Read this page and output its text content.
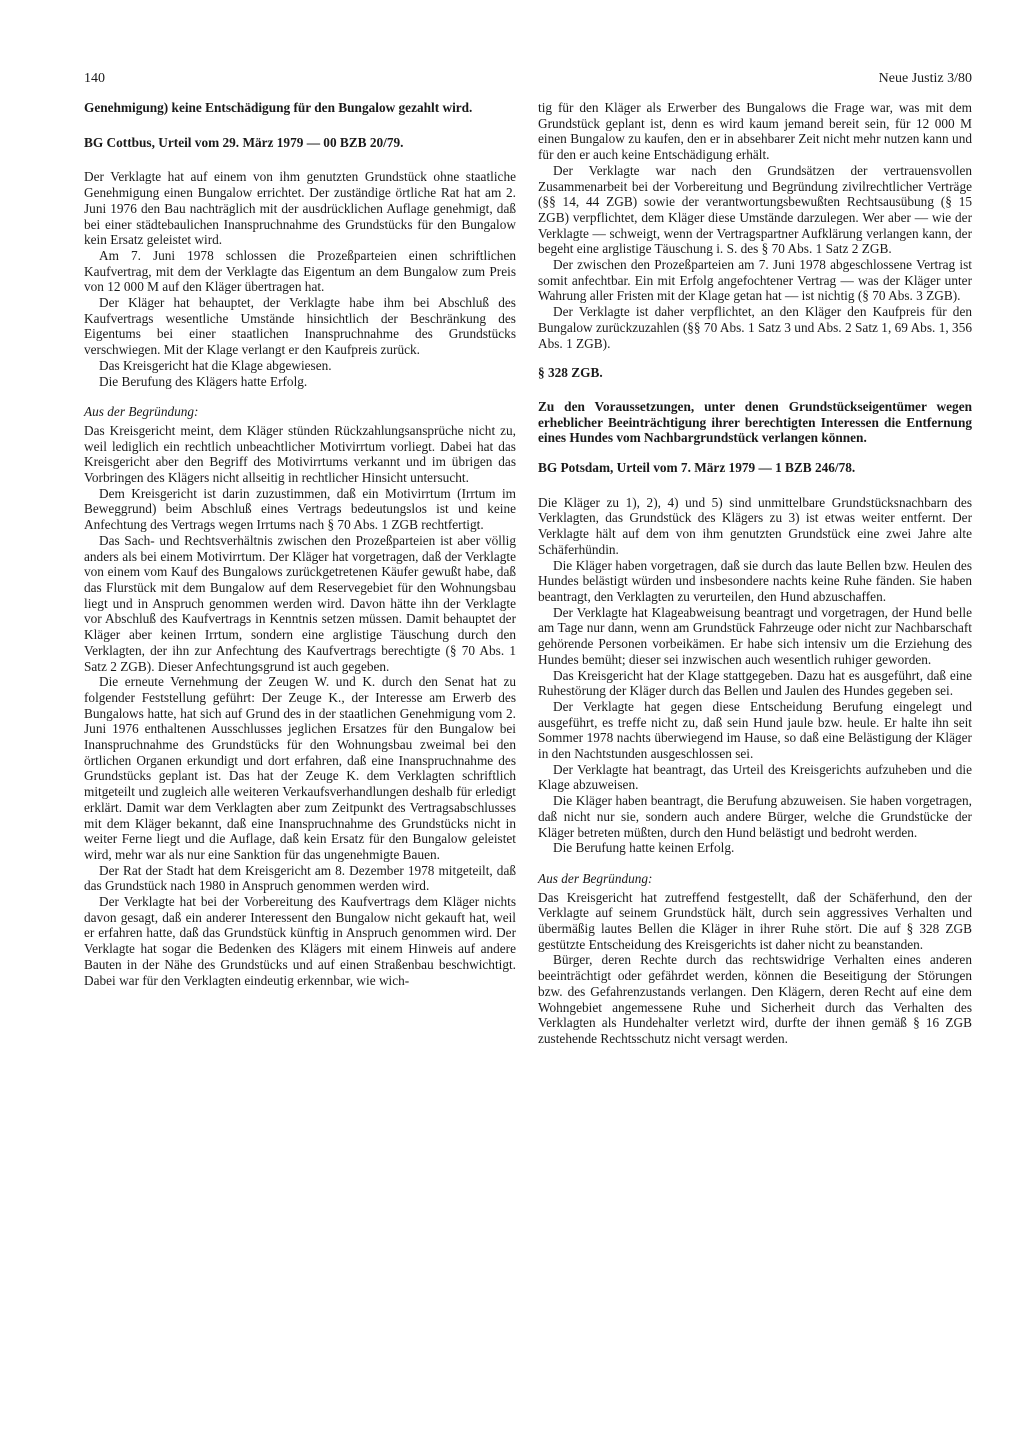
140	Neue Justiz 3/80

Genehmigung) keine Entschädigung für den Bungalow gezahlt wird.

BG Cottbus, Urteil vom 29. März 1979 — 00 BZB 20/79.

Der Verklagte hat auf einem von ihm genutzten Grundstück ohne staatliche Genehmigung einen Bungalow errichtet. Der zuständige örtliche Rat hat am 2. Juni 1976 den Bau nachträglich mit der ausdrücklichen Auflage genehmigt, daß bei einer städtebaulichen Inanspruchnahme des Grundstücks für den Bungalow kein Ersatz geleistet wird.

Am 7. Juni 1978 schlossen die Prozeßparteien einen schriftlichen Kaufvertrag, mit dem der Verklagte das Eigentum an dem Bungalow zum Preis von 12 000 M auf den Kläger übertragen hat.

Der Kläger hat behauptet, der Verklagte habe ihm bei Abschluß des Kaufvertrags wesentliche Umstände hinsichtlich der Beschränkung des Eigentums bei einer staatlichen Inanspruchnahme des Grundstücks verschwiegen. Mit der Klage verlangt er den Kaufpreis zurück.

Das Kreisgericht hat die Klage abgewiesen.

Die Berufung des Klägers hatte Erfolg.

Aus der Begründung:

Das Kreisgericht meint, dem Kläger stünden Rückzahlungsansprüche nicht zu, weil lediglich ein rechtlich unbeachtlicher Motivirrtum vorliegt. Dabei hat das Kreisgericht aber den Begriff des Motivirrtums verkannt und im übrigen das Vorbringen des Klägers nicht allseitig in rechtlicher Hinsicht untersucht.

Dem Kreisgericht ist darin zuzustimmen, daß ein Motivirrtum (Irrtum im Beweggrund) beim Abschluß eines Vertrags bedeutungslos ist und keine Anfechtung des Vertrags wegen Irrtums nach § 70 Abs. 1 ZGB rechtfertigt.

Das Sach- und Rechtsverhältnis zwischen den Prozeßparteien ist aber völlig anders als bei einem Motivirrtum. Der Kläger hat vorgetragen, daß der Verklagte von einem vom Kauf des Bungalows zurückgetretenen Käufer gewußt habe, daß das Flurstück mit dem Bungalow auf dem Reservegebiet für den Wohnungsbau liegt und in Anspruch genommen werden wird. Davon hätte ihn der Verklagte vor Abschluß des Kaufvertrags in Kenntnis setzen müssen. Damit behauptet der Kläger aber keinen Irrtum, sondern eine arglistige Täuschung durch den Verklagten, der ihn zur Anfechtung des Kaufvertrags berechtigte (§ 70 Abs. 1 Satz 2 ZGB). Dieser Anfechtungsgrund ist auch gegeben.

Die erneute Vernehmung der Zeugen W. und K. durch den Senat hat zu folgender Feststellung geführt: Der Zeuge K., der Interesse am Erwerb des Bungalows hatte, hat sich auf Grund des in der staatlichen Genehmigung vom 2. Juni 1976 enthaltenen Ausschlusses jeglichen Ersatzes für den Bungalow bei Inanspruchnahme des Grundstücks für den Wohnungsbau zweimal bei den örtlichen Organen erkundigt und dort erfahren, daß eine Inanspruchnahme des Grundstücks geplant ist. Das hat der Zeuge K. dem Verklagten schriftlich mitgeteilt und zugleich alle weiteren Verkaufsverhandlungen deshalb für erledigt erklärt. Damit war dem Verklagten aber zum Zeitpunkt des Vertragsabschlusses mit dem Kläger bekannt, daß eine Inanspruchnahme des Grundstücks nicht in weiter Ferne liegt und die Auflage, daß kein Ersatz für den Bungalow geleistet wird, mehr war als nur eine Sanktion für das ungenehmigte Bauen.

Der Rat der Stadt hat dem Kreisgericht am 8. Dezember 1978 mitgeteilt, daß das Grundstück nach 1980 in Anspruch genommen werden wird.

Der Verklagte hat bei der Vorbereitung des Kaufvertrags dem Kläger nichts davon gesagt, daß ein anderer Interessent den Bungalow nicht gekauft hat, weil er erfahren hatte, daß das Grundstück künftig in Anspruch genommen wird. Der Verklagte hat sogar die Bedenken des Klägers mit einem Hinweis auf andere Bauten in der Nähe des Grundstücks und auf einen Straßenbau beschwichtigt. Dabei war für den Verklagten eindeutig erkennbar, wie wich-

tig für den Kläger als Erwerber des Bungalows die Frage war, was mit dem Grundstück geplant ist, denn es wird kaum jemand bereit sein, für 12 000 M einen Bungalow zu kaufen, den er in absehbarer Zeit nicht mehr nutzen kann und für den er auch keine Entschädigung erhält.

Der Verklagte war nach den Grundsätzen der vertrauensvollen Zusammenarbeit bei der Vorbereitung und Begründung zivilrechtlicher Verträge (§§ 14, 44 ZGB) sowie der verantwortungsbewußten Rechtsausübung (§ 15 ZGB) verpflichtet, dem Kläger diese Umstände darzulegen. Wer aber — wie der Verklagte — schweigt, wenn der Vertragspartner Aufklärung verlangen kann, der begeht eine arglistige Täuschung i. S. des § 70 Abs. 1 Satz 2 ZGB.

Der zwischen den Prozeßparteien am 7. Juni 1978 abgeschlossene Vertrag ist somit anfechtbar. Ein mit Erfolg angefochtener Vertrag — was der Kläger unter Wahrung aller Fristen mit der Klage getan hat — ist nichtig (§ 70 Abs. 3 ZGB).

Der Verklagte ist daher verpflichtet, an den Kläger den Kaufpreis für den Bungalow zurückzuzahlen (§§ 70 Abs. 1 Satz 3 und Abs. 2 Satz 1, 69 Abs. 1, 356 Abs. 1 ZGB).

§ 328 ZGB.

Zu den Voraussetzungen, unter denen Grundstückseigentümer wegen erheblicher Beeinträchtigung ihrer berechtigten Interessen die Entfernung eines Hundes vom Nachbargrundstück verlangen können.

BG Potsdam, Urteil vom 7. März 1979 — 1 BZB 246/78.

Die Kläger zu 1), 2), 4) und 5) sind unmittelbare Grundstücksnachbarn des Verklagten, das Grundstück des Klägers zu 3) ist etwas weiter entfernt. Der Verklagte hält auf dem von ihm genutzten Grundstück eine zwei Jahre alte Schäferhündin.

Die Kläger haben vorgetragen, daß sie durch das laute Bellen bzw. Heulen des Hundes belästigt würden und insbesondere nachts keine Ruhe fänden. Sie haben beantragt, den Verklagten zu verurteilen, den Hund abzuschaffen.

Der Verklagte hat Klageabweisung beantragt und vorgetragen, der Hund belle am Tage nur dann, wenn am Grundstück Fahrzeuge oder nicht zur Nachbarschaft gehörende Personen vorbeikämen. Er habe sich intensiv um die Erziehung des Hundes bemüht; dieser sei inzwischen auch wesentlich ruhiger geworden.

Das Kreisgericht hat der Klage stattgegeben. Dazu hat es ausgeführt, daß eine Ruhestörung der Kläger durch das Bellen und Jaulen des Hundes gegeben sei.

Der Verklagte hat gegen diese Entscheidung Berufung eingelegt und ausgeführt, es treffe nicht zu, daß sein Hund jaule bzw. heule. Er halte ihn seit Sommer 1978 nachts überwiegend im Hause, so daß eine Belästigung der Kläger in den Nachtstunden ausgeschlossen sei.

Der Verklagte hat beantragt, das Urteil des Kreisgerichts aufzuheben und die Klage abzuweisen.

Die Kläger haben beantragt, die Berufung abzuweisen. Sie haben vorgetragen, daß nicht nur sie, sondern auch andere Bürger, welche die Grundstücke der Kläger betreten müßten, durch den Hund belästigt und bedroht werden.

Die Berufung hatte keinen Erfolg.

Aus der Begründung:

Das Kreisgericht hat zutreffend festgestellt, daß der Schäferhund, den der Verklagte auf seinem Grundstück hält, durch sein aggressives Verhalten und übermäßig lautes Bellen die Kläger in ihrer Ruhe stört. Die auf § 328 ZGB gestützte Entscheidung des Kreisgerichts ist daher nicht zu beanstanden.

Bürger, deren Rechte durch das rechtswidrige Verhalten eines anderen beeinträchtigt oder gefährdet werden, können die Beseitigung der Störungen bzw. des Gefahrenzustands verlangen. Den Klägern, deren Recht auf eine dem Wohngebiet angemessene Ruhe und Sicherheit durch das Verhalten des Verklagten als Hundehalter verletzt wird, durfte der ihnen gemäß § 16 ZGB zustehende Rechtsschutz nicht versagt werden.
